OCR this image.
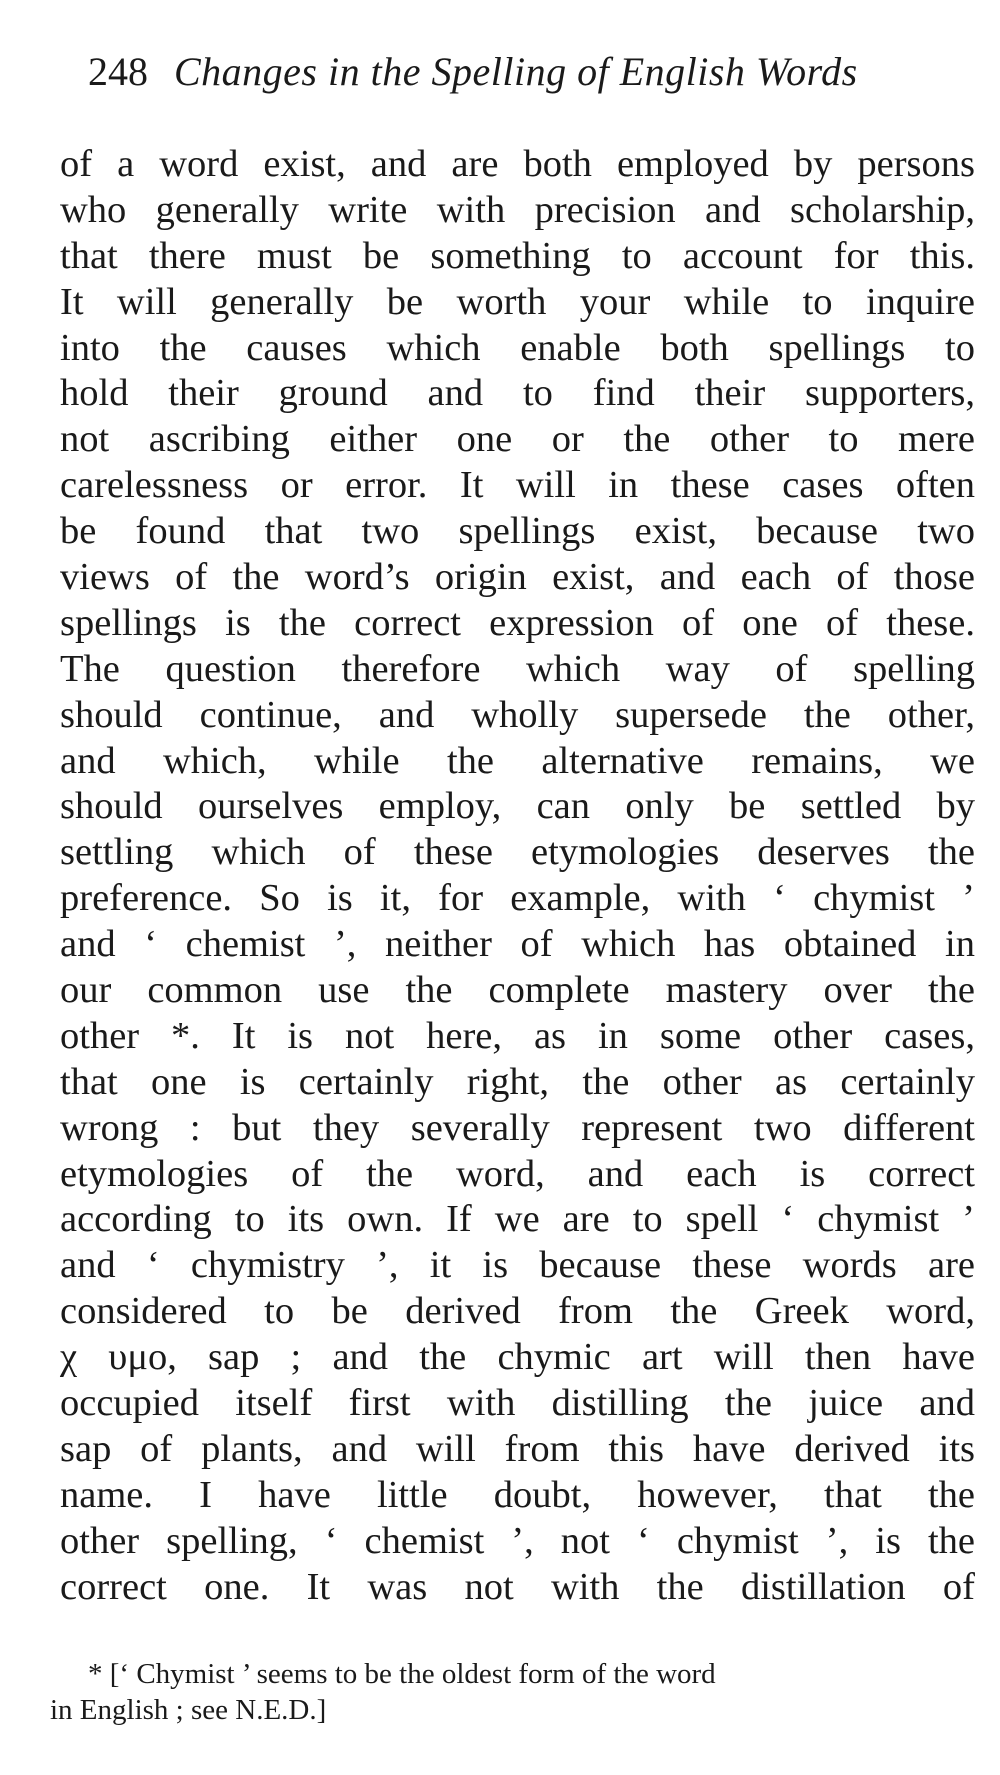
248 Changes in the Spelling of English Words
of a word exist, and are both employed by persons
who generally write with precision and scholarship,
that there must be something to account for this.
It will generally be worth your while to inquire
into the causes which enable both spellings to
hold their ground and to find their supporters,
not ascribing either one or the other to mere
carelessness or error. It will in these cases often
be found that two spellings exist, because two
views of the word’s origin exist, and each of those
spellings is the correct expression of one of these.
The question therefore which way of spelling
should continue, and wholly supersede the other,
and which, while the alternative remains, we
should ourselves employ, can only be settled by
settling which of these etymologies deserves the
preference. So is it, for example, with ‘ chymist ’
and ‘ chemist ’, neither of which has obtained in
our common use the complete mastery over the
other *. It is not here, as in some other cases,
that one is certainly right, the other as certainly
wrong : but they severally represent two different
etymologies of the word, and each is correct
according to its own. If we are to spell ‘ chymist ’
and ‘ chymistry ’, it is because these words are
considered to be derived from the Greek word,
χ υμο, sap ; and the chymic art will then have
occupied itself first with distilling the juice and
sap of plants, and will from this have derived its
name. I have little doubt, however, that the
other spelling, ‘ chemist ’, not ‘ chymist ’, is the
correct one. It was not with the distillation of
* [‘ Chymist ’ seems to be the oldest form of the word
in English ; see N.E.D.]
